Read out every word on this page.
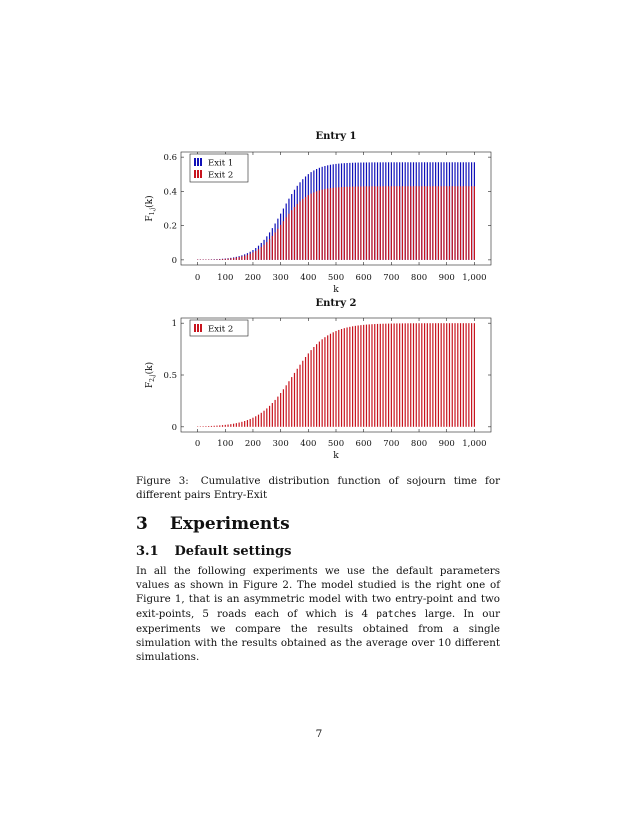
Entry 1
0 100 200 300 400 500 600 700 800 900 1,000
0
0.2
0.4
0.6
k
$F_{1,j}(k)$
Exit 1
Exit 2
Entry 2
0 100 200 300 400 500 600 700 800 900 1,000
0
0.5
1
k
$F_{2,j}(k)$
Exit 2
Figure 3: Cumulative distribution function of sojourn time for different pairs Entry-Exit
3 Experiments
3.1 Default settings
In all the following experiments we use the default parameters values as shown in Figure 2. The model studied is the right one of Figure 1, that is an asymmetric model with two entry-point and two exit-points, 5 roads each of which is 4 patches large. In our experiments we compare the results obtained from a single simulation with the results obtained as the average over 10 different simulations.
7
